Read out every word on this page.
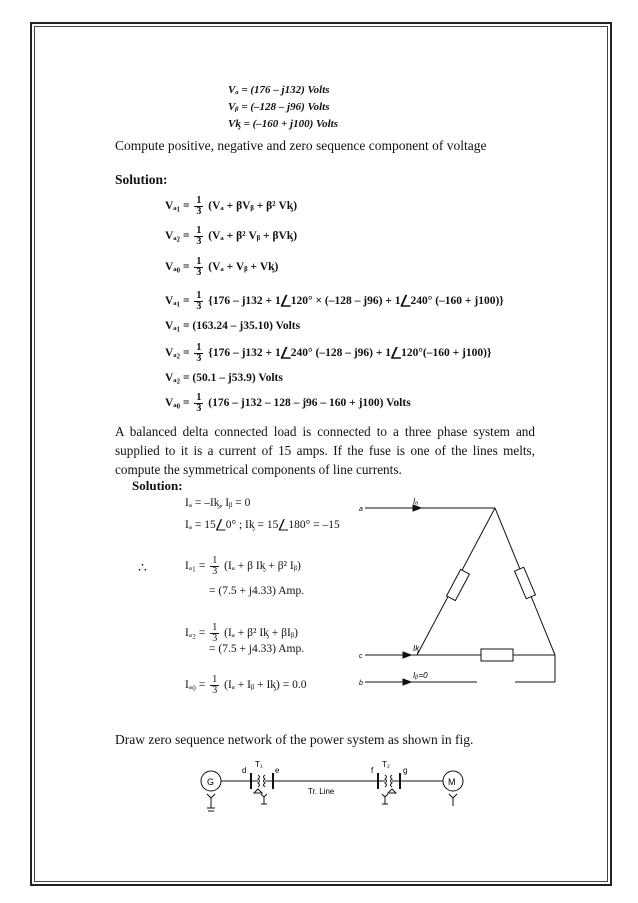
Vₐ = (176 – j132) Volts
Vᵦ = (–128 – j96) Volts
Vᶄ = (–160 + j100) Volts
Compute positive, negative and zero sequence component of voltage
Solution:
$V_{a1} = \frac{1}{3} (V_a$ + βVᵦ + β² Vᶄ)
$V_{a2} = \frac{1}{3} (V_a + \beta^2$ Vᵦ + βVᶄ)
$V_{a0} = \frac{1}{3} (V_a$ + Vᵦ + Vᶄ)
$V_{a1} = \frac{1}{3} \{176 - j132$ + 1⎳120° × (–128 – j96) + 1⎳240° (–160 + j100)}
Vₐ₁ = (163.24 – j35.10) Volts
$V_{a2} = \frac{1}{3} \{176 - j132$ + 1⎳240° (–128 – j96) + 1⎳120°(–160 + j100)}
Vₐ₂ = (50.1 – j53.9) Volts
$V_{a0} = \frac{1}{3} (176 - j132 - 128 - j96 - 160 + j100)$ Volts
A balanced delta connected load is connected to a three phase system and supplied to it is a current of 15 amps. If the fuse is one of the lines melts, compute the symmetrical components of line currents.
Solution:
Iₐ = –Iᶄ, Iᵦ = 0
Iₐ = 15⎳0° ; Iᶄ = 15⎳180° = –15
∴	$I_{a1} = \frac{1}{3} (I_a + \beta$ Iᶄ + β² Iᵦ)
= (7.5 + j4.33) Amp.
$I_{a2} = \frac{1}{3} (I_a + \beta^2$ Iᶄ + βIᵦ)
= (7.5 + j4.33) Amp.
$I_{a0} = \frac{1}{3} (I_a$ + Iᵦ + Iᶄ) = 0.0
a
c
b
Iₐ
Iᶄ
Iᵦ=0
Draw zero sequence network of the power system as shown in fig.
G
d
T₁
e
Tr. Line
f
T₂
g
M
